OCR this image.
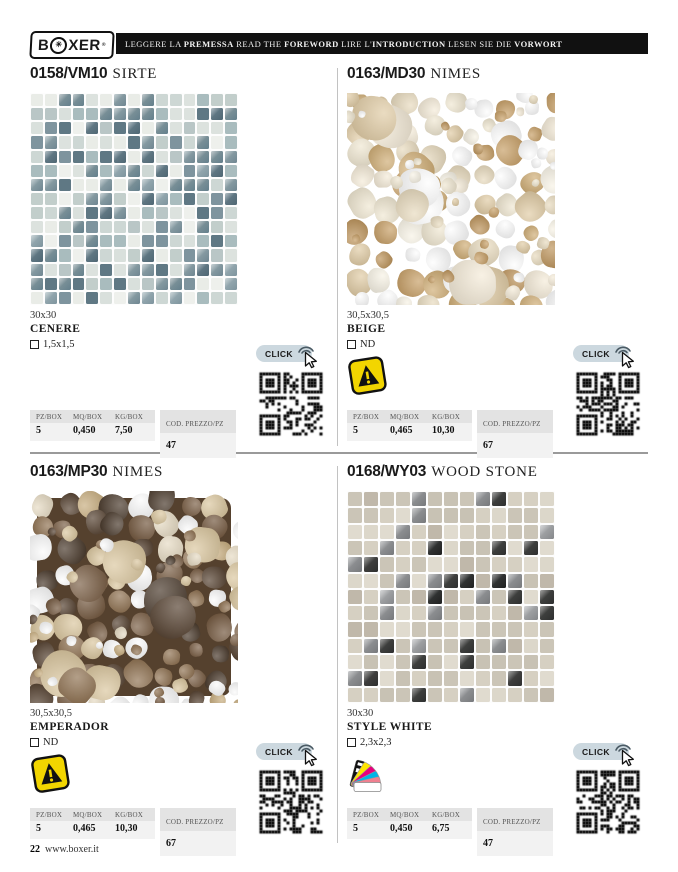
B ✳ XER ® LEGGERE LA PREMESSA READ THE FOREWORD LIRE L'INTRODUCTION LESEN SIE DIE VORWORT
0158/VM10 SIRTE
30x30
CENERE
1,5x1,5
CLICK
PZ/BOX	MQ/BOX	KG/BOX
5	0,450	7,50
COD. PREZZO/PZ
47
0163/MD30 NIMES
30,5x30,5
BEIGE
ND
CLICK
PZ/BOX	MQ/BOX	KG/BOX
5	0,465	10,30
COD. PREZZO/PZ
67
0163/MP30 NIMES
30,5x30,5
EMPERADOR
ND
CLICK
PZ/BOX	MQ/BOX	KG/BOX
5	0,465	10,30
COD. PREZZO/PZ
67
0168/WY03 WOOD STONE
30x30
STYLE WHITE
2,3x2,3
CLICK
PZ/BOX	MQ/BOX	KG/BOX
5	0,450	6,75
COD. PREZZO/PZ
47
22 www.boxer.it
